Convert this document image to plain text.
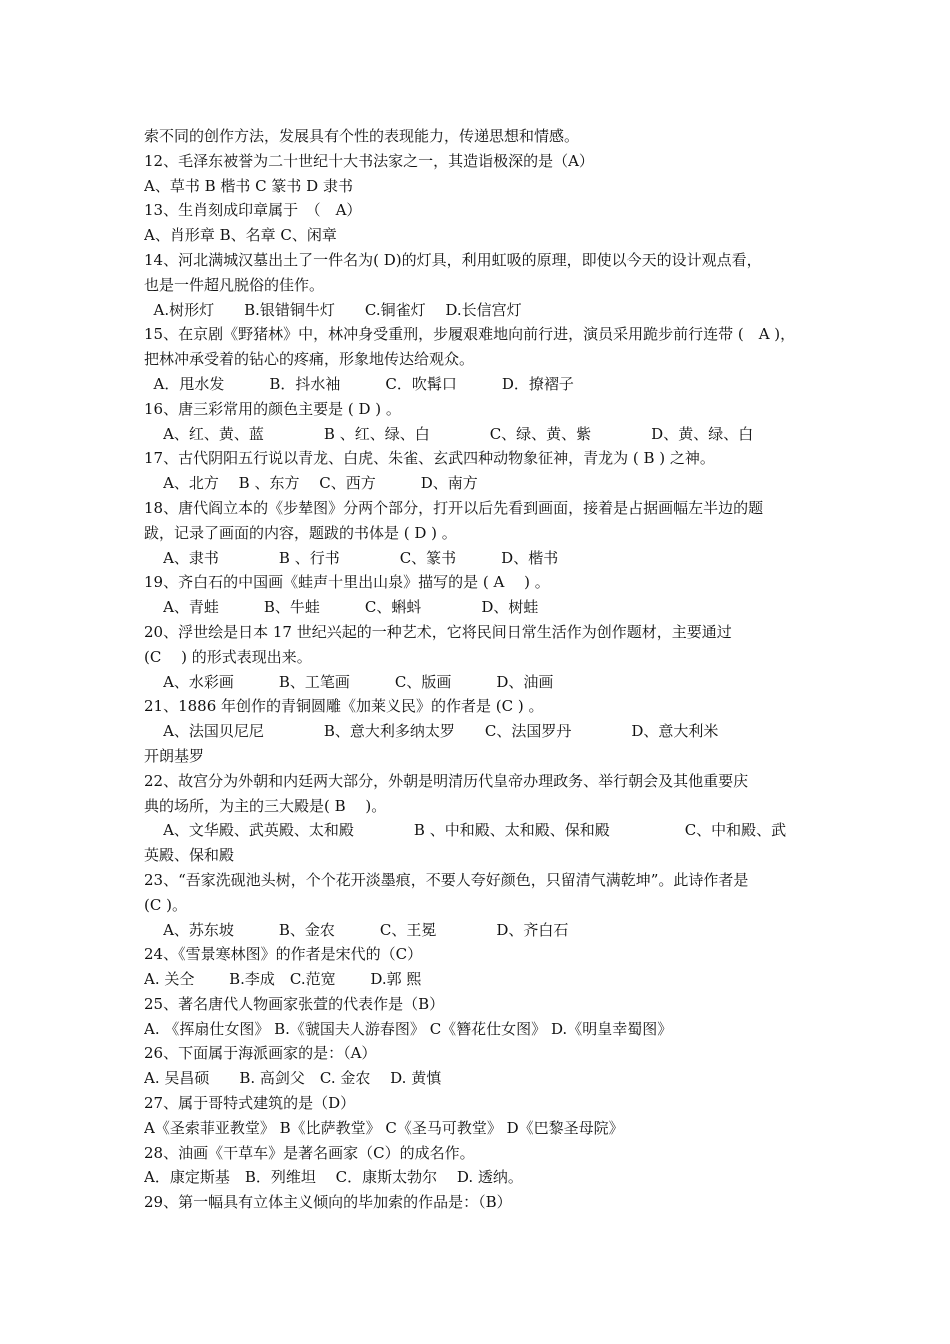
索不同的创作方法，发展具有个性的表现能力，传递思想和情感。
12、毛泽东被誉为二十世纪十大书法家之一，其造诣极深的是（A）
A、草书 B 楷书 C 篆书 D 隶书
13、生肖刻成印章属于　（　A）
A、肖形章 B、名章 C、闲章
14、河北满城汉墓出土了一件名为( D)的灯具，利用虹吸的原理，即使以今天的设计观点看，
也是一件超凡脱俗的佳作。
A.树形灯　　B.银错铜牛灯　　C.铜雀灯　 D.长信宫灯
15、在京剧《野猪林》中，林冲身受重刑，步履艰难地向前行进，演员采用跪步前行连带 (　A )，
把林冲承受着的钻心的疼痛，形象地传达给观众。
A．甩水发　　　B．抖水袖　　　C．吹髯口　　　D．撩褶子
16、唐三彩常用的颜色主要是 ( D ) 。
A、红、黄、蓝　　　　B 、红、绿、白　　　　C、绿、黄、紫　　　　D、黄、绿、白
17、古代阴阳五行说以青龙、白虎、朱雀、玄武四种动物象征神，青龙为 ( B ) 之神。
A、北方　 B 、东方　 C、西方　　　D、南方
18、唐代阎立本的《步辇图》分两个部分，打开以后先看到画面，接着是占据画幅左半边的题
跋，记录了画面的内容，题跋的书体是 ( D ) 。
A、隶书　　　　B 、行书　　　　C、篆书　　　D、楷书
19、齐白石的中国画《蛙声十里出山泉》描写的是 ( A　 ) 。
A、青蛙　　　B、牛蛙　　　C、蝌蚪　　　　D、树蛙
20、浮世绘是日本 17 世纪兴起的一种艺术，它将民间日常生活作为创作题材，主要通过
(C　 ) 的形式表现出来。
A、水彩画　　　B、工笔画　　　C、版画　　　D、油画
21、1886 年创作的青铜圆雕《加莱义民》的作者是 (C ) 。
A、法国贝尼尼　　　　B、意大利多纳太罗　　C、法国罗丹　　　　D、意大利米
开朗基罗
22、故宫分为外朝和内廷两大部分，外朝是明清历代皇帝办理政务、举行朝会及其他重要庆
典的场所，为主的三大殿是( B　 )。
A、文华殿、武英殿、太和殿　　　　B 、中和殿、太和殿、保和殿　　　　　C、中和殿、武
英殿、保和殿
23、“吾家洗砚池头树，个个花开淡墨痕，不要人夸好颜色，只留清气满乾坤”。此诗作者是
(C )。
A、苏东坡　　　B、金农　　　C、王冕　　　　D、齐白石
24、《雪景寒林图》的作者是宋代的（C）
A. 关仝　　 B.李成　C.范宽　　 D.郭 熙
25、著名唐代人物画家张萱的代表作是（B）
A. 《挥扇仕女图》 B.《虢国夫人游春图》 C《簪花仕女图》 D.《明皇幸蜀图》
26、下面属于海派画家的是：（A）
A. 吴昌硕　　B. 高剑父　C. 金农　 D. 黄慎
27、属于哥特式建筑的是（D）
A《圣索菲亚教堂》 B《比萨教堂》 C《圣马可教堂》 D《巴黎圣母院》
28、油画《干草车》是著名画家（C）的成名作。
A．康定斯基　B．列维坦　 C．康斯太勃尔　 D. 透纳。
29、第一幅具有立体主义倾向的毕加索的作品是：（B）
